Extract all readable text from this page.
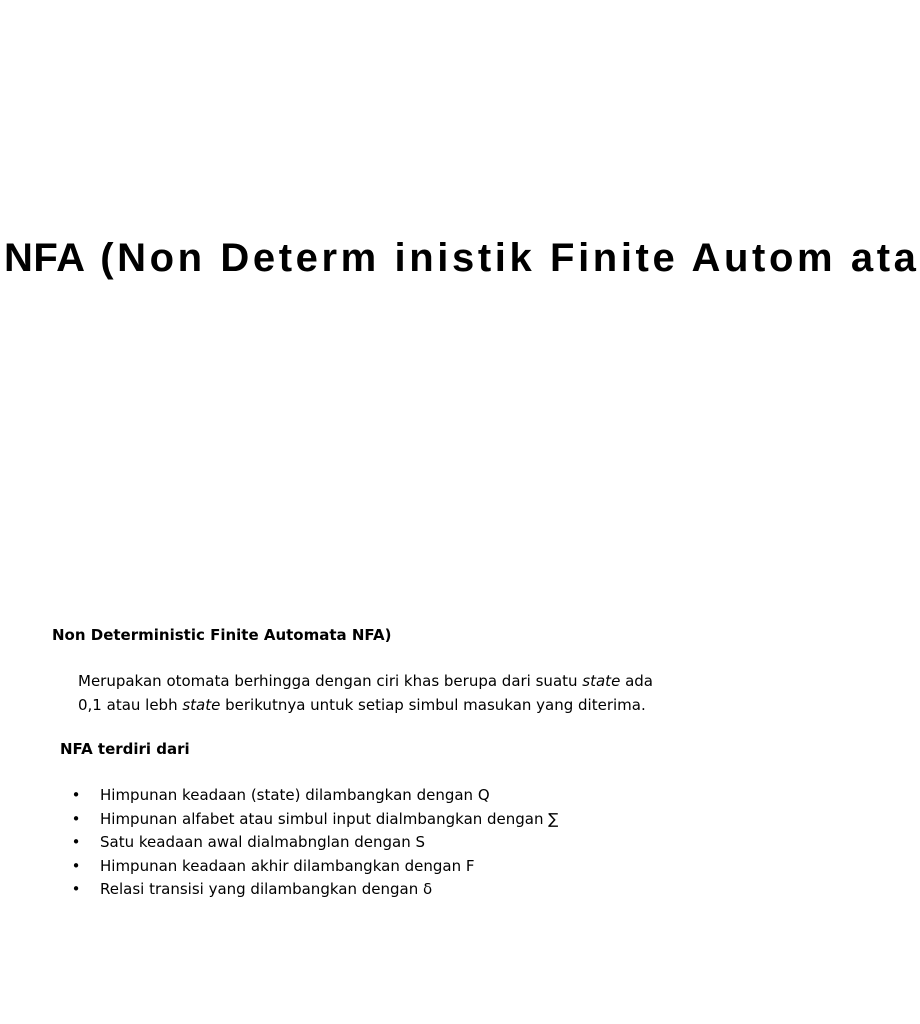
NFA (Non Determ inistik Finite Autom ata
Non Deterministic Finite Automata NFA)
Merupakan otomata berhingga dengan ciri khas berupa dari suatu state ada
0,1 atau lebh state berikutnya untuk setiap simbul masukan yang diterima.
NFA terdiri dari
• Himpunan keadaan (state) dilambangkan dengan Q
• Himpunan alfabet atau simbul input dialmbangkan dengan ∑
• Satu keadaan awal dialmabnglan dengan S
• Himpunan keadaan akhir dilambangkan dengan F
• Relasi transisi yang dilambangkan dengan δ
